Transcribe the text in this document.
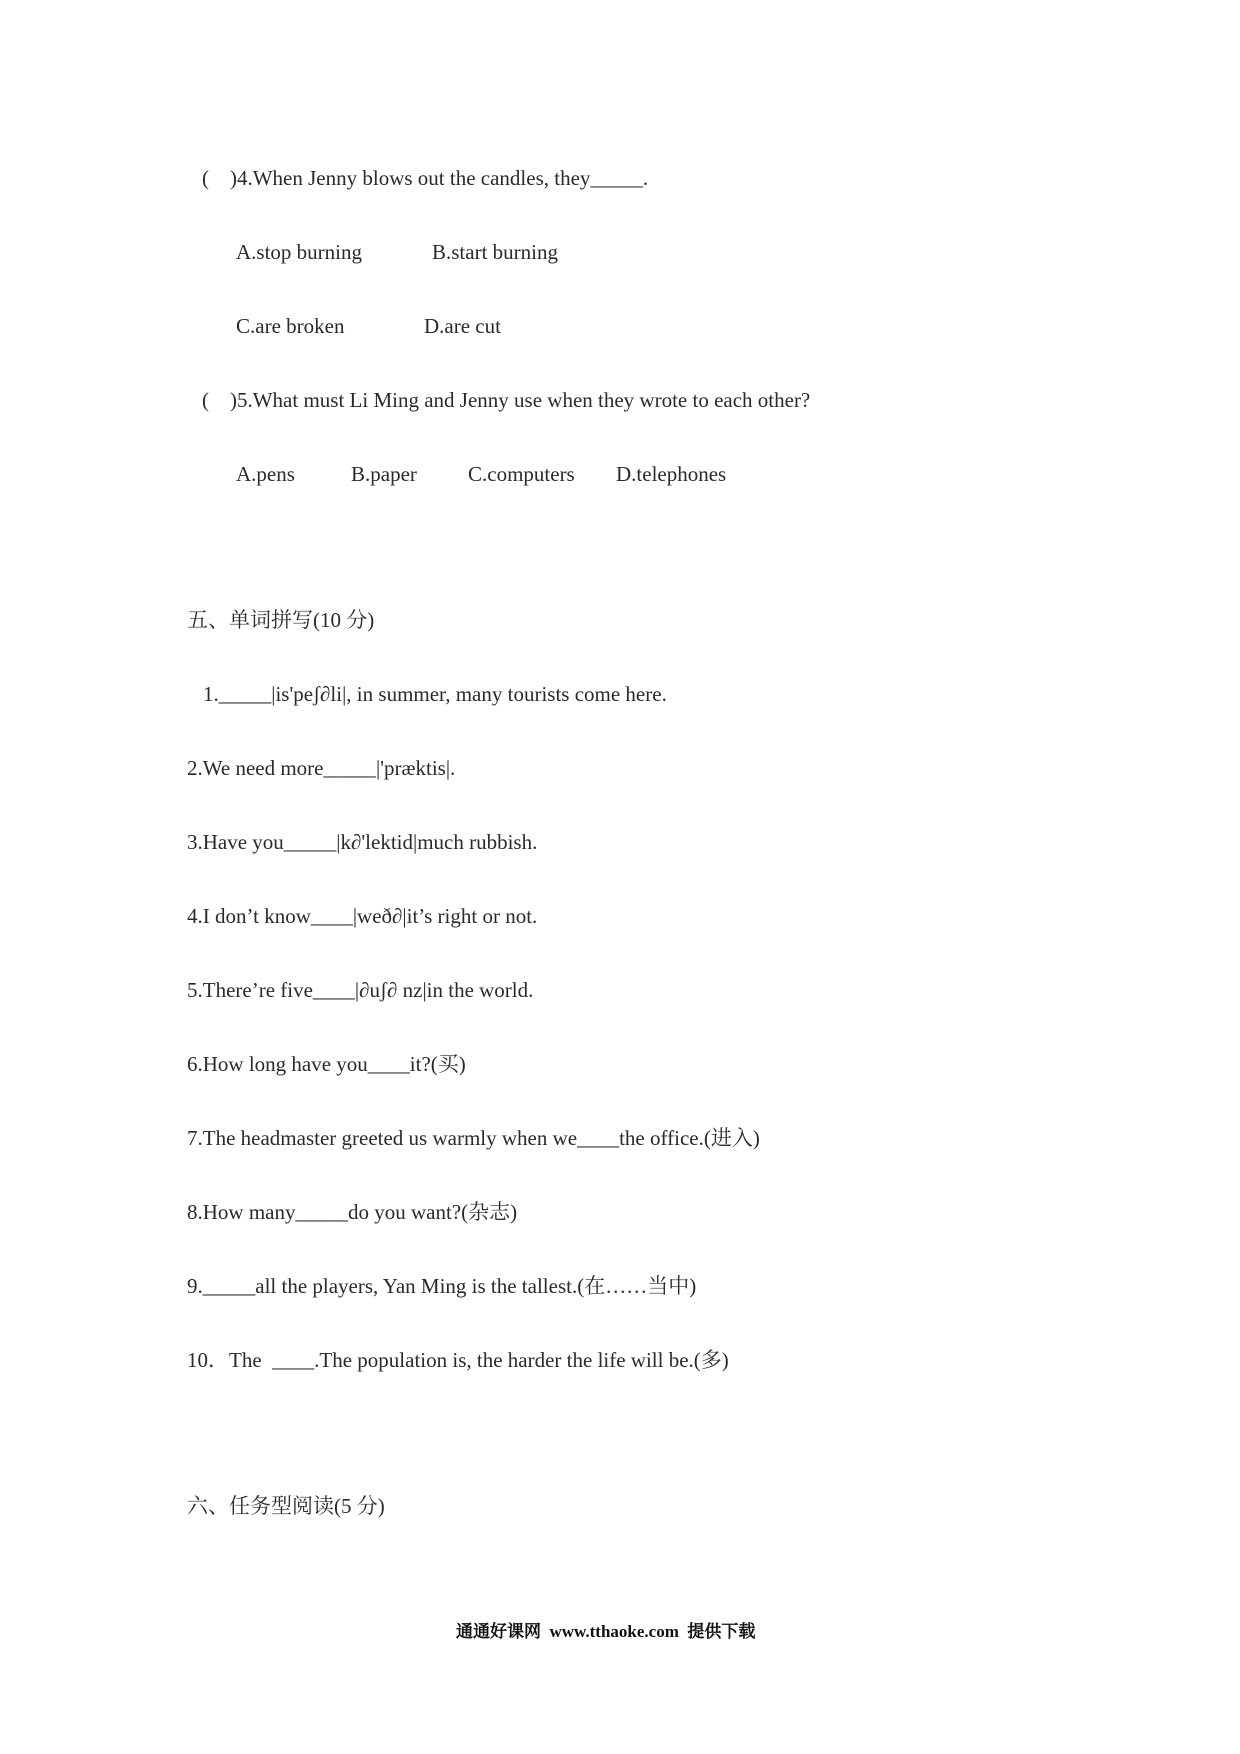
(    )4.When Jenny blows out the candles, they_____.
A.stop burning	B.start burning
C.are broken	D.are cut
(    )5.What must Li Ming and Jenny use when they wrote to each other?
A.pens	B.paper C.computers D.telephones
五、单词拼写(10 分)
1._____|is'peʃ∂li|, in summer, many tourists come here.
2.We need more_____|'præktis|.
3.Have you_____|k∂'lektid|much rubbish.
4.I don’t know____|weð∂|it’s right or not.
5.There’re five____|∂uʃ∂ nz|in the world.
6.How long have you____it?(买)
7.The headmaster greeted us warmly when we____the office.(进入)
8.How many_____do you want?(杂志)
9._____all the players, Yan Ming is the tallest.(在……当中)
10．The  ____.The population is, the harder the life will be.(多)
六、任务型阅读(5 分)
通通好课网  www.tthaoke.com  提供下载
